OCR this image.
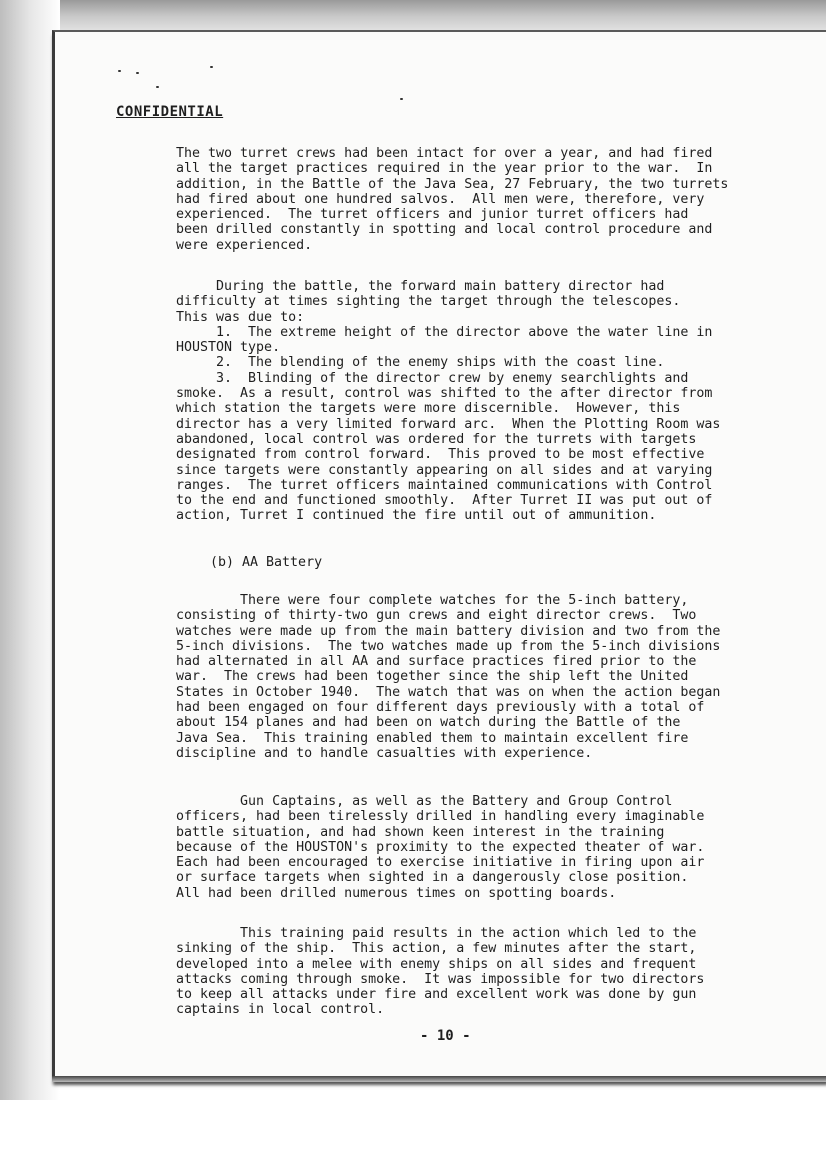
CONFIDENTIAL
The two turret crews had been intact for over a year, and had fired
all the target practices required in the year prior to the war.  In
addition, in the Battle of the Java Sea, 27 February, the two turrets
had fired about one hundred salvos.  All men were, therefore, very
experienced.  The turret officers and junior turret officers had
been drilled constantly in spotting and local control procedure and
were experienced.
During the battle, the forward main battery director had
difficulty at times sighting the target through the telescopes.
This was due to:
1.  The extreme height of the director above the water line in
HOUSTON type.
2.  The blending of the enemy ships with the coast line.
3.  Blinding of the director crew by enemy searchlights and
smoke.  As a result, control was shifted to the after director from
which station the targets were more discernible.  However, this
director has a very limited forward arc.  When the Plotting Room was
abandoned, local control was ordered for the turrets with targets
designated from control forward.  This proved to be most effective
since targets were constantly appearing on all sides and at varying
ranges.  The turret officers maintained communications with Control
to the end and functioned smoothly.  After Turret II was put out of
action, Turret I continued the fire until out of ammunition.
(b) AA Battery
There were four complete watches for the 5-inch battery,
consisting of thirty-two gun crews and eight director crews.  Two
watches were made up from the main battery division and two from the
5-inch divisions.  The two watches made up from the 5-inch divisions
had alternated in all AA and surface practices fired prior to the
war.  The crews had been together since the ship left the United
States in October 1940.  The watch that was on when the action began
had been engaged on four different days previously with a total of
about 154 planes and had been on watch during the Battle of the
Java Sea.  This training enabled them to maintain excellent fire
discipline and to handle casualties with experience.
Gun Captains, as well as the Battery and Group Control
officers, had been tirelessly drilled in handling every imaginable
battle situation, and had shown keen interest in the training
because of the HOUSTON's proximity to the expected theater of war.
Each had been encouraged to exercise initiative in firing upon air
or surface targets when sighted in a dangerously close position.
All had been drilled numerous times on spotting boards.
This training paid results in the action which led to the
sinking of the ship.  This action, a few minutes after the start,
developed into a melee with enemy ships on all sides and frequent
attacks coming through smoke.  It was impossible for two directors
to keep all attacks under fire and excellent work was done by gun
captains in local control.
- 10 -
